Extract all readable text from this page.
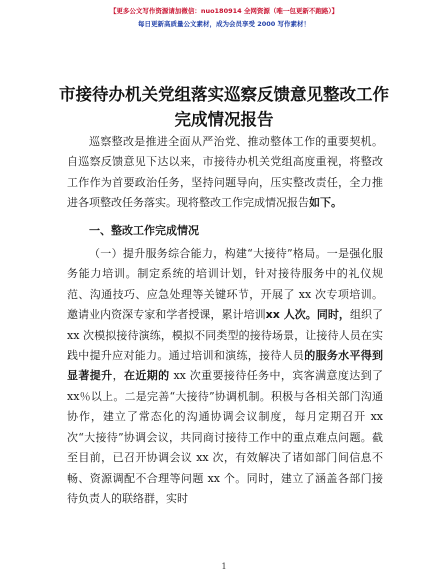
【更多公文写作资源请加微信：nuo180914 全网资源（唯一包更新不跑路）】
每日更新高质量公文素材，成为会员享受 2000 写作素材！
市接待办机关党组落实巡察反馈意见整改工作
完成情况报告

巡察整改是推进全面从严治党、推动整体工作的重要契机。自巡察反馈意见下达以来，市接待办机关党组高度重视，将整改工作作为首要政治任务，坚持问题导向，压实整改责任，全力推进各项整改任务落实。现将整改工作完成情况报告如下。

一、整改工作完成情况

（一）提升服务综合能力，构建“大接待”格局。一是强化服务能力培训。制定系统的培训计划，针对接待服务中的礼仪规范、沟通技巧、应急处理等关键环节，开展了 xx 次专项培训。邀请业内资深专家和学者授课，累计培训xx 人次。同时，组织了 xx 次模拟接待演练，模拟不同类型的接待场景，让接待人员在实践中提升应对能力。通过培训和演练，接待人员的服务水平得到显著提升，在近期的 xx 次重要接待任务中，宾客满意度达到了 xx％以上。二是完善“大接待”协调机制。积极与各相关部门沟通协作，建立了常态化的沟通协调会议制度，每月定期召开 xx 次“大接待”协调会议，共同商讨接待工作中的重点难点问题。截至目前，已召开协调会议 xx 次，有效解决了诸如部门间信息不畅、资源调配不合理等问题 xx 个。同时，建立了涵盖各部门接待负责人的联络群，实时

1
